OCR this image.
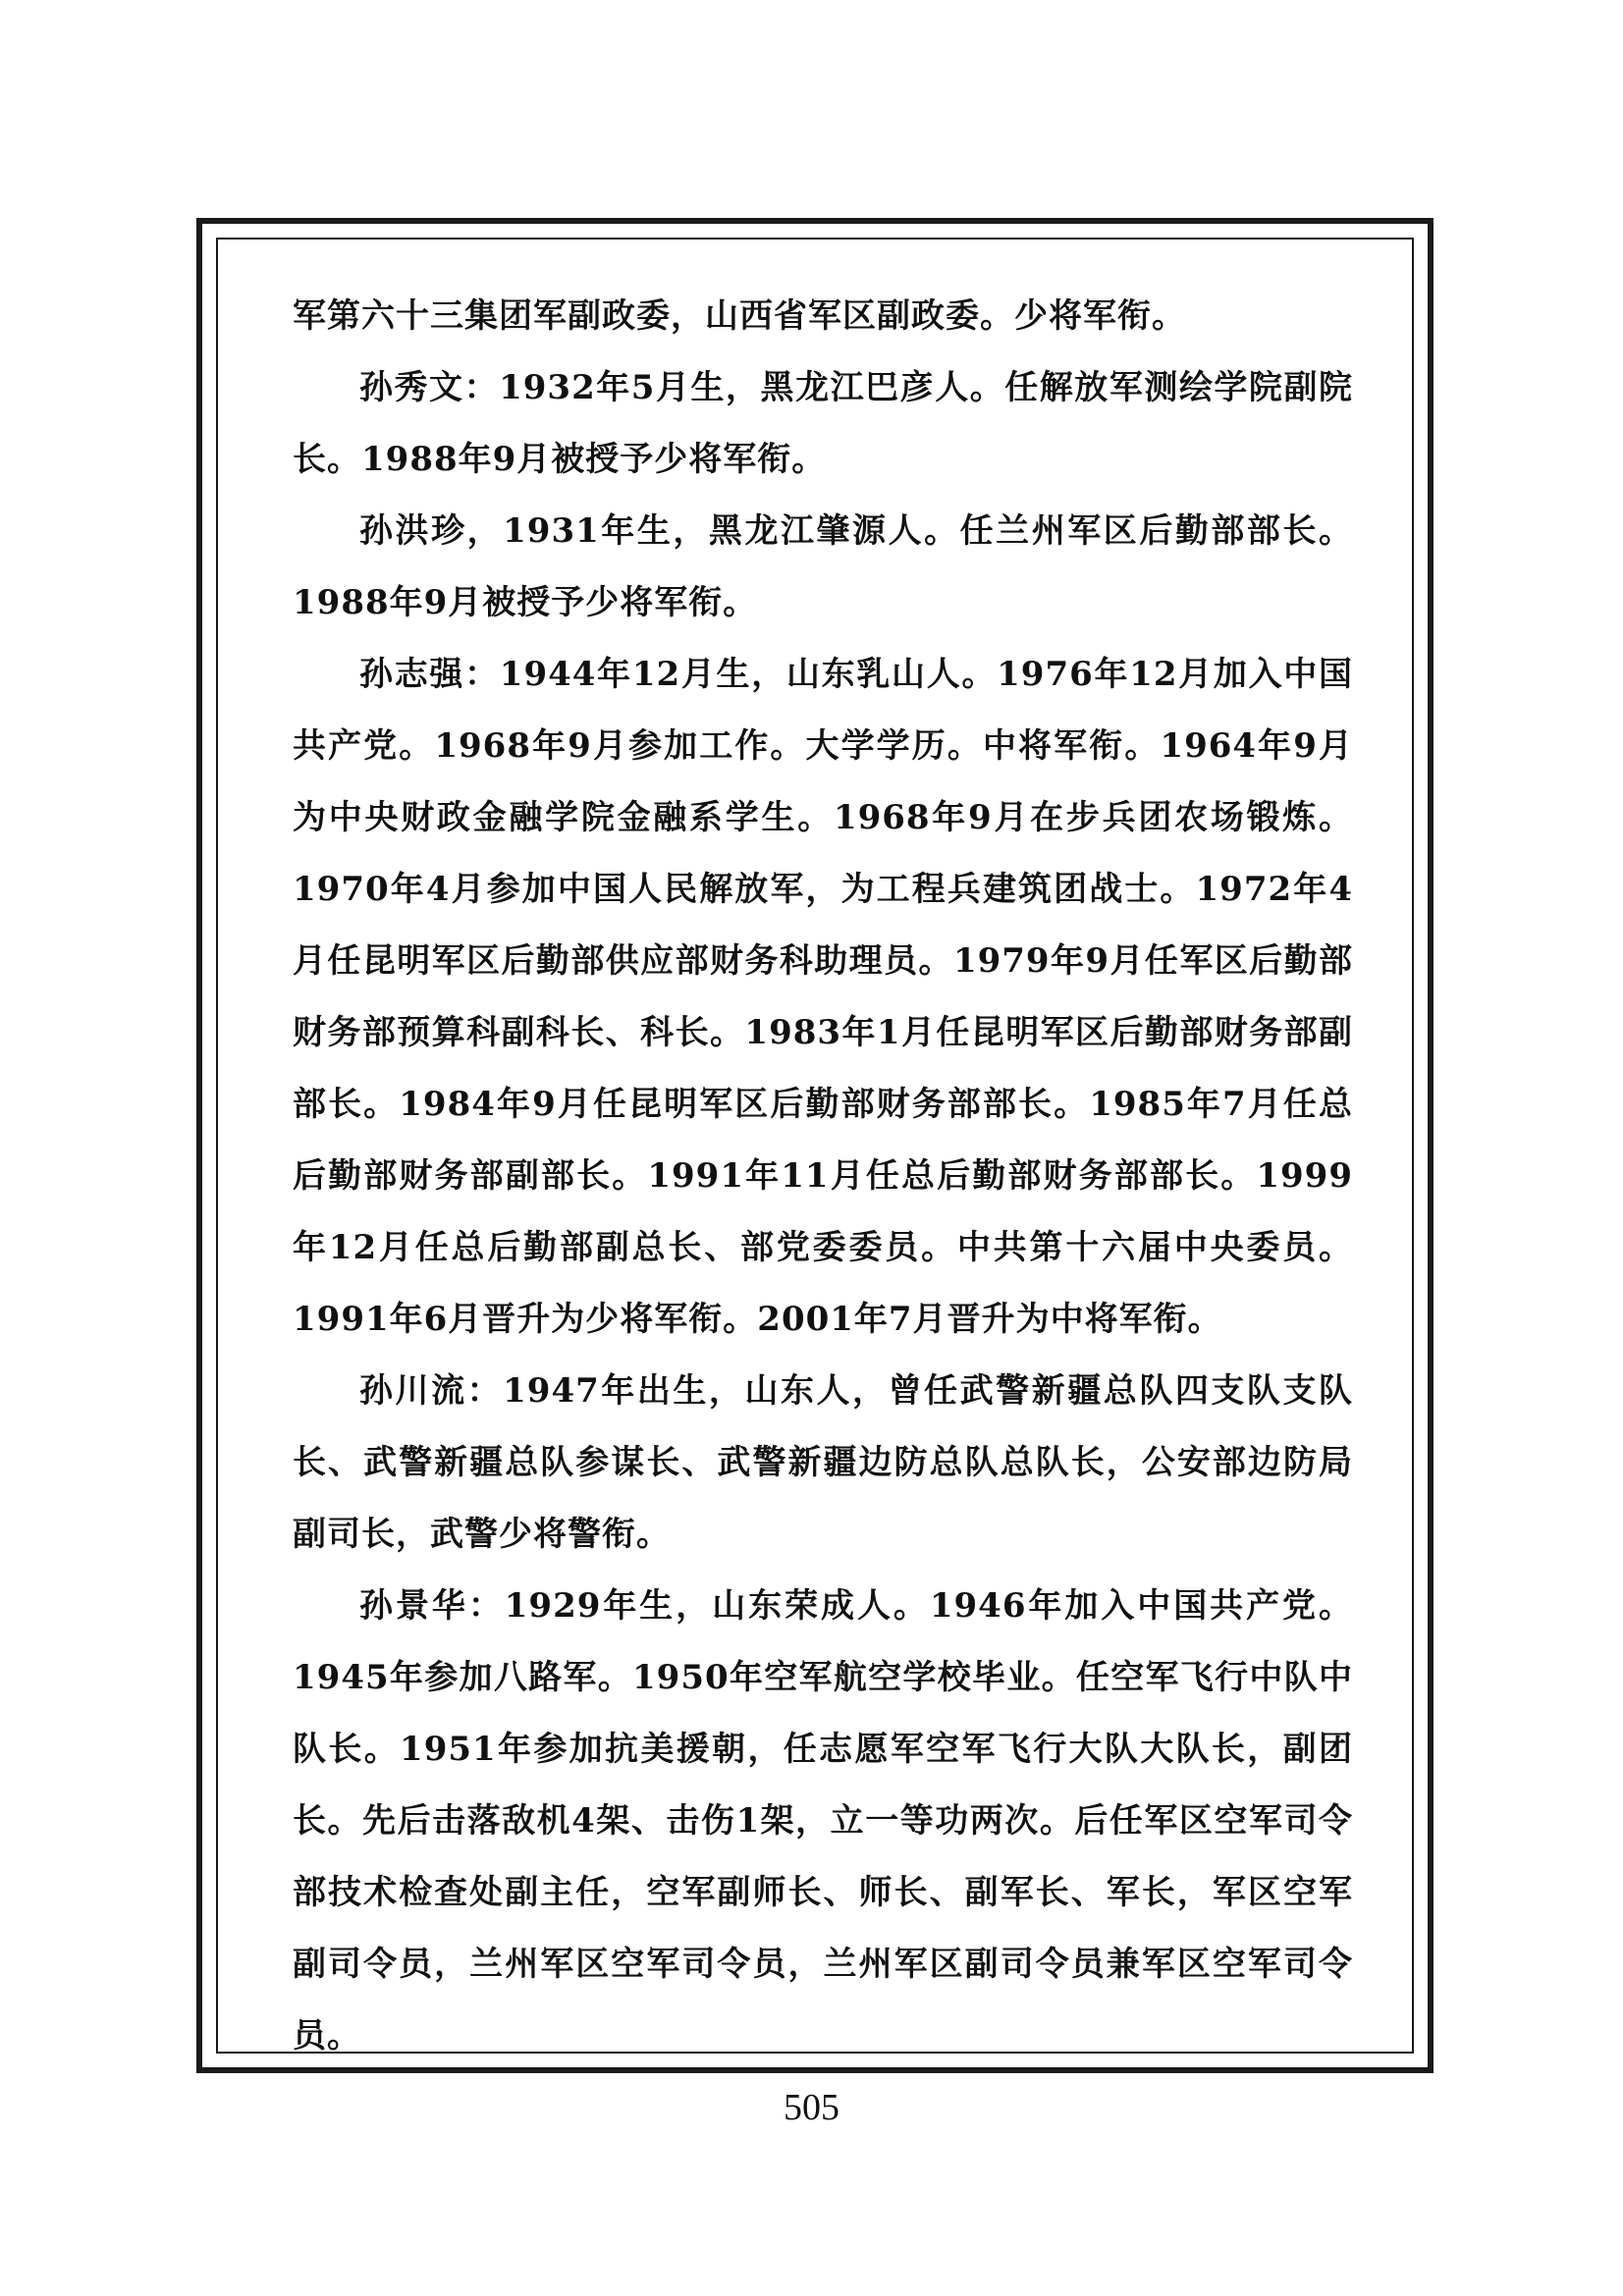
军第六十三集团军副政委，山西省军区副政委。少将军衔。

孙秀文：1932年5月生，黑龙江巴彦人。任解放军测绘学院副院长。1988年9月被授予少将军衔。

孙洪珍，1931年生，黑龙江肇源人。任兰州军区后勤部部长。1988年9月被授予少将军衔。

孙志强：1944年12月生，山东乳山人。1976年12月加入中国共产党。1968年9月参加工作。大学学历。中将军衔。1964年9月为中央财政金融学院金融系学生。1968年9月在步兵团农场锻炼。1970年4月参加中国人民解放军，为工程兵建筑团战士。1972年4月任昆明军区后勤部供应部财务科助理员。1979年9月任军区后勤部财务部预算科副科长、科长。1983年1月任昆明军区后勤部财务部副部长。1984年9月任昆明军区后勤部财务部部长。1985年7月任总后勤部财务部副部长。1991年11月任总后勤部财务部部长。1999年12月任总后勤部副总长、部党委委员。中共第十六届中央委员。1991年6月晋升为少将军衔。2001年7月晋升为中将军衔。

孙川流：1947年出生，山东人，曾任武警新疆总队四支队支队长、武警新疆总队参谋长、武警新疆边防总队总队长，公安部边防局副司长，武警少将警衔。

孙景华：1929年生，山东荣成人。1946年加入中国共产党。1945年参加八路军。1950年空军航空学校毕业。任空军飞行中队中队长。1951年参加抗美援朝，任志愿军空军飞行大队大队长，副团长。先后击落敌机4架、击伤1架，立一等功两次。后任军区空军司令部技术检查处副主任，空军副师长、师长、副军长、军长，军区空军副司令员，兰州军区空军司令员，兰州军区副司令员兼军区空军司令员。

505
